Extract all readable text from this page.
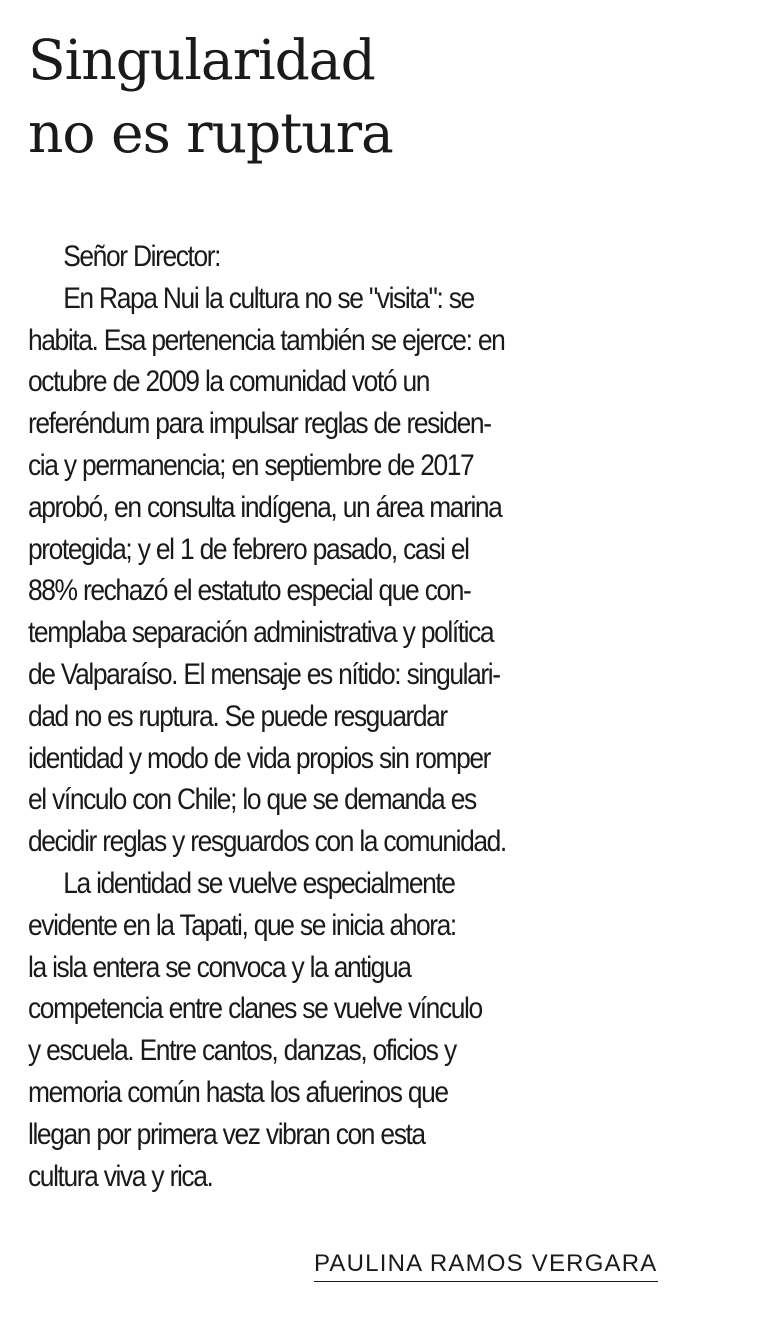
Singularidad
no es ruptura
Señor Director:
En Rapa Nui la cultura no se "visita": se
habita. Esa pertenencia también se ejerce: en
octubre de 2009 la comunidad votó un
referéndum para impulsar reglas de residen-
cia y permanencia; en septiembre de 2017
aprobó, en consulta indígena, un área marina
protegida; y el 1 de febrero pasado, casi el
88% rechazó el estatuto especial que con-
templaba separación administrativa y política
de Valparaíso. El mensaje es nítido: singulari-
dad no es ruptura. Se puede resguardar
identidad y modo de vida propios sin romper
el vínculo con Chile; lo que se demanda es
decidir reglas y resguardos con la comunidad.
La identidad se vuelve especialmente
evidente en la Tapati, que se inicia ahora:
la isla entera se convoca y la antigua
competencia entre clanes se vuelve vínculo
y escuela. Entre cantos, danzas, oficios y
memoria común hasta los afuerinos que
llegan por primera vez vibran con esta
cultura viva y rica.
PAULINA RAMOS VERGARA
